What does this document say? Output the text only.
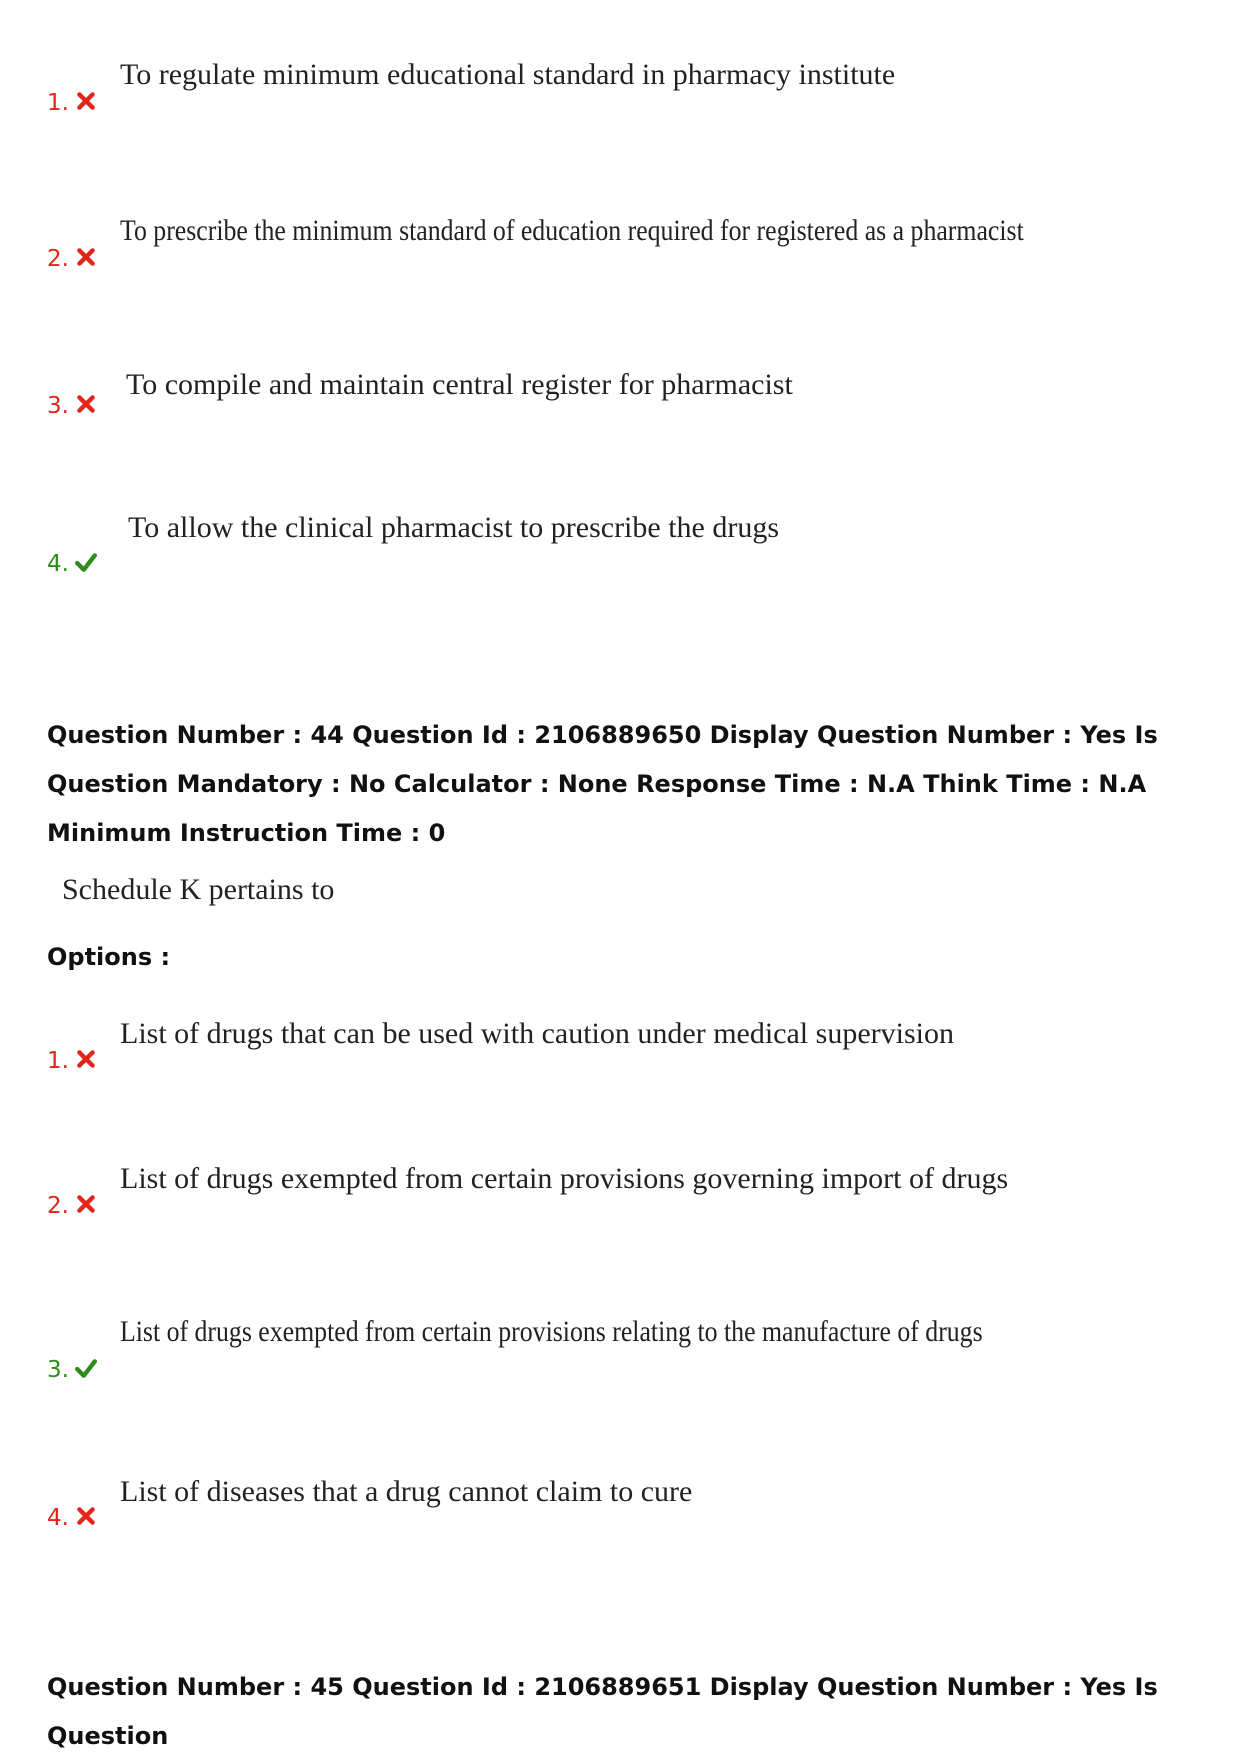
1.
To regulate minimum educational standard in pharmacy institute
2.
To prescribe the minimum standard of education required for registered as a pharmacist
3.
To compile and maintain central register for pharmacist
4.
To allow the clinical pharmacist to prescribe the drugs
Question Number : 44 Question Id : 2106889650 Display Question Number : Yes Is Question Mandatory : No Calculator : None Response Time : N.A Think Time : N.A Minimum Instruction Time : 0
Schedule K pertains to
Options :
1.
List of drugs that can be used with caution under medical supervision
2.
List of drugs exempted from certain provisions governing import of drugs
3.
List of drugs exempted from certain provisions relating to the manufacture of drugs
4.
List of diseases that a drug cannot claim to cure
Question Number : 45 Question Id : 2106889651 Display Question Number : Yes Is Question
